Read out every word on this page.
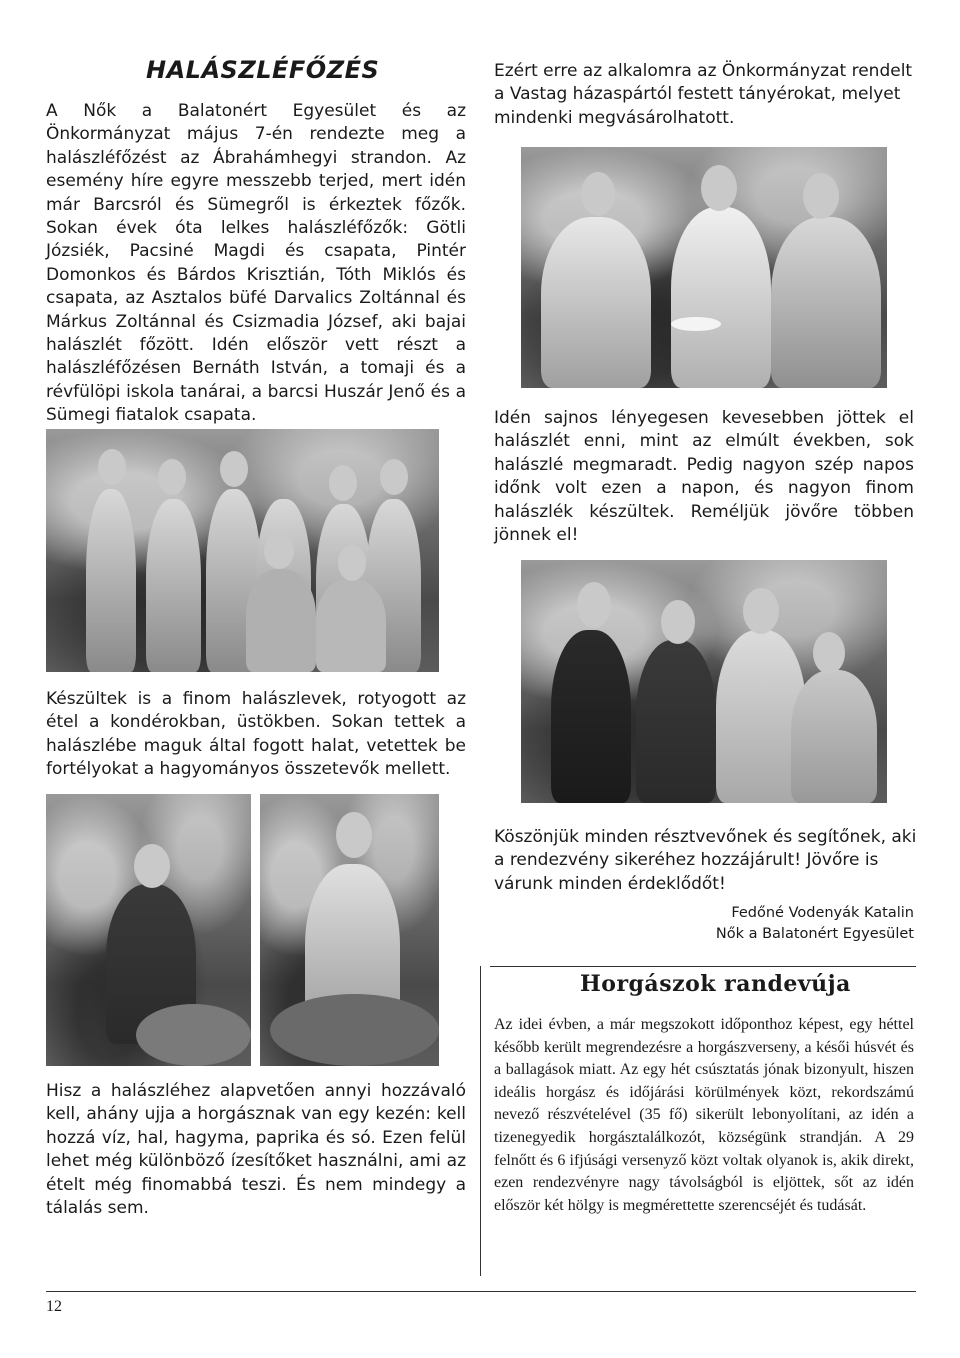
HALÁSZLÉFŐZÉS

A Nők a Balatonért Egyesület és az Önkormányzat május 7-én rendezte meg a halászléfőzést az Ábrahámhegyi strandon. Az esemény híre egyre messzebb terjed, mert idén már Barcsról és Sümegről is érkeztek főzők. Sokan évek óta lelkes halászléfőzők: Götli Józsiék, Pacsiné Magdi és csapata, Pintér Domonkos és Bárdos Krisztián, Tóth Miklós és csapata, az Asztalos büfé Darvalics Zoltánnal és Márkus Zoltánnal és Csizmadia József, aki bajai halászlét főzött. Idén először vett részt a halászléfőzésen Bernáth István, a tomaji és a révfülöpi iskola tanárai, a barcsi Huszár Jenő és a Sümegi fiatalok csapata.

Készültek is a finom halászlevek, rotyogott az étel a kondérokban, üstökben. Sokan tettek a halászlébe maguk által fogott halat, vetettek be fortélyokat a hagyományos összetevők mellett.

Hisz a halászléhez alapvetően annyi hozzávaló kell, ahány ujja a horgásznak van egy kezén: kell hozzá víz, hal, hagyma, paprika és só. Ezen felül lehet még különböző ízesítőket használni, ami az ételt még finomabbá teszi. És nem mindegy a tálalás sem.

Ezért erre az alkalomra az Önkormányzat rendelt a Vastag házaspártól festett tányérokat, melyet mindenki megvásárolhatott.

Idén sajnos lényegesen kevesebben jöttek el halászlét enni, mint az elmúlt években, sok halászlé megmaradt. Pedig nagyon szép napos időnk volt ezen a napon, és nagyon finom halászlék készültek. Reméljük jövőre többen jönnek el!

Köszönjük minden résztvevőnek és segítőnek, aki a rendezvény sikeréhez hozzájárult! Jövőre is várunk minden érdeklődőt!

Fedőné Vodenyák Katalin
Nők a Balatonért Egyesület
Horgászok randevúja

Az idei évben, a már megszokott időponthoz képest, egy héttel később került megrendezésre a horgászverseny, a késői húsvét és a ballagások miatt. Az egy hét csúsztatás jónak bizonyult, hiszen ideális horgász és időjárási körülmények közt, rekordszámú nevező részvételével (35 fő) sikerült lebonyolítani, az idén a tizenegyedik horgásztalálkozót, községünk strandján. A 29 felnőtt és 6 ifjúsági versenyző közt voltak olyanok is, akik direkt, ezen rendezvényre nagy távolságból is eljöttek, sőt az idén először két hölgy is megmérettette szerencséjét és tudását.

12
